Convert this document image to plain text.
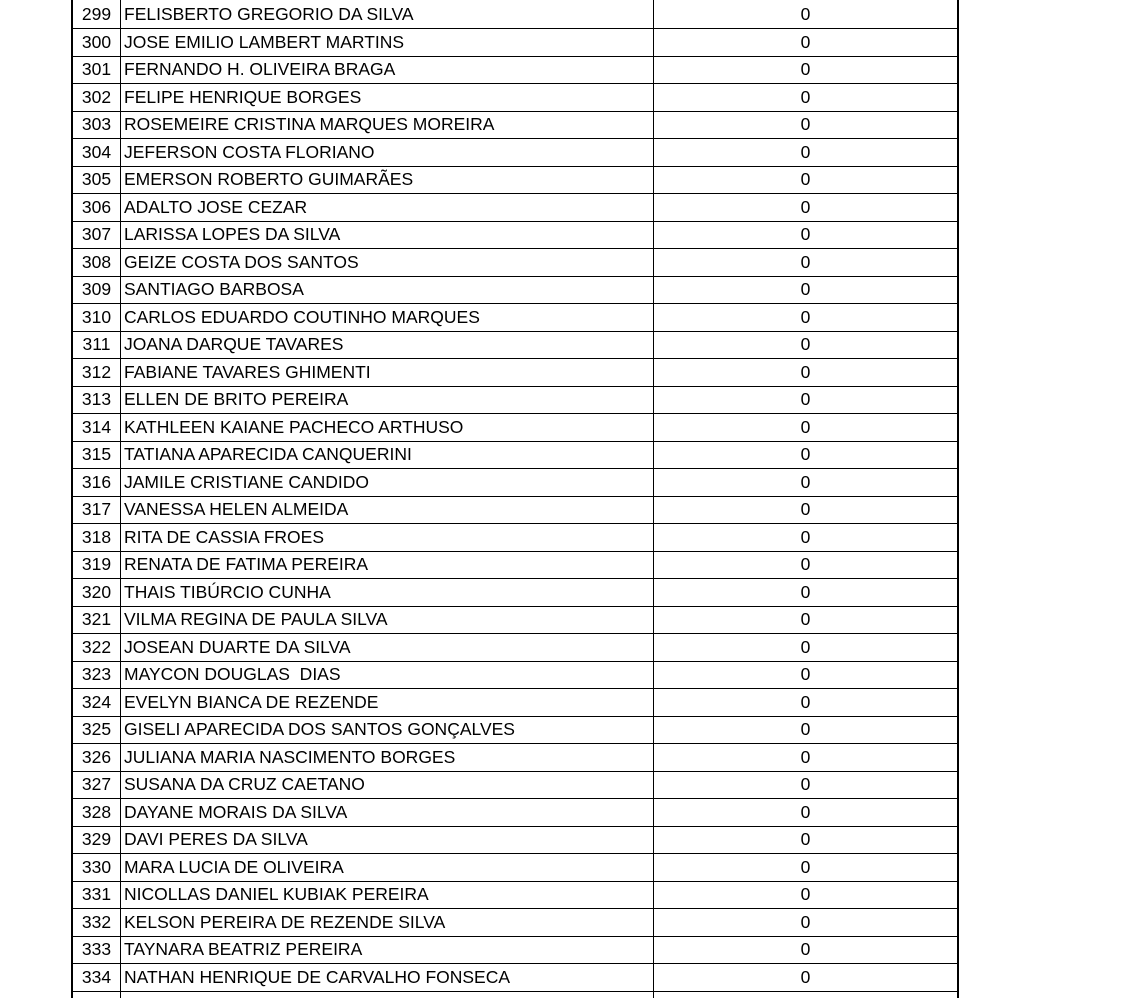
299 FELISBERTO GREGORIO DA SILVA	0
300 JOSE EMILIO LAMBERT MARTINS	0
301 FERNANDO H. OLIVEIRA BRAGA	0
302 FELIPE HENRIQUE BORGES	0
303 ROSEMEIRE CRISTINA MARQUES MOREIRA	0
304 JEFERSON COSTA FLORIANO	0
305 EMERSON ROBERTO GUIMARÃES	0
306 ADALTO JOSE CEZAR	0
307 LARISSA LOPES DA SILVA	0
308 GEIZE COSTA DOS SANTOS	0
309 SANTIAGO BARBOSA	0
310 CARLOS EDUARDO COUTINHO MARQUES	0
311 JOANA DARQUE TAVARES	0
312 FABIANE TAVARES GHIMENTI	0
313 ELLEN DE BRITO PEREIRA	0
314 KATHLEEN KAIANE PACHECO ARTHUSO	0
315 TATIANA APARECIDA CANQUERINI	0
316 JAMILE CRISTIANE CANDIDO	0
317 VANESSA HELEN ALMEIDA	0
318 RITA DE CASSIA FROES	0
319 RENATA DE FATIMA PEREIRA	0
320 THAIS TIBÚRCIO CUNHA	0
321 VILMA REGINA DE PAULA SILVA	0
322 JOSEAN DUARTE DA SILVA	0
323 MAYCON DOUGLAS  DIAS	0
324 EVELYN BIANCA DE REZENDE	0
325 GISELI APARECIDA DOS SANTOS GONÇALVES	0
326 JULIANA MARIA NASCIMENTO BORGES	0
327 SUSANA DA CRUZ CAETANO	0
328 DAYANE MORAIS DA SILVA	0
329 DAVI PERES DA SILVA	0
330 MARA LUCIA DE OLIVEIRA	0
331 NICOLLAS DANIEL KUBIAK PEREIRA	0
332 KELSON PEREIRA DE REZENDE SILVA	0
333 TAYNARA BEATRIZ PEREIRA	0
334 NATHAN HENRIQUE DE CARVALHO FONSECA	0
